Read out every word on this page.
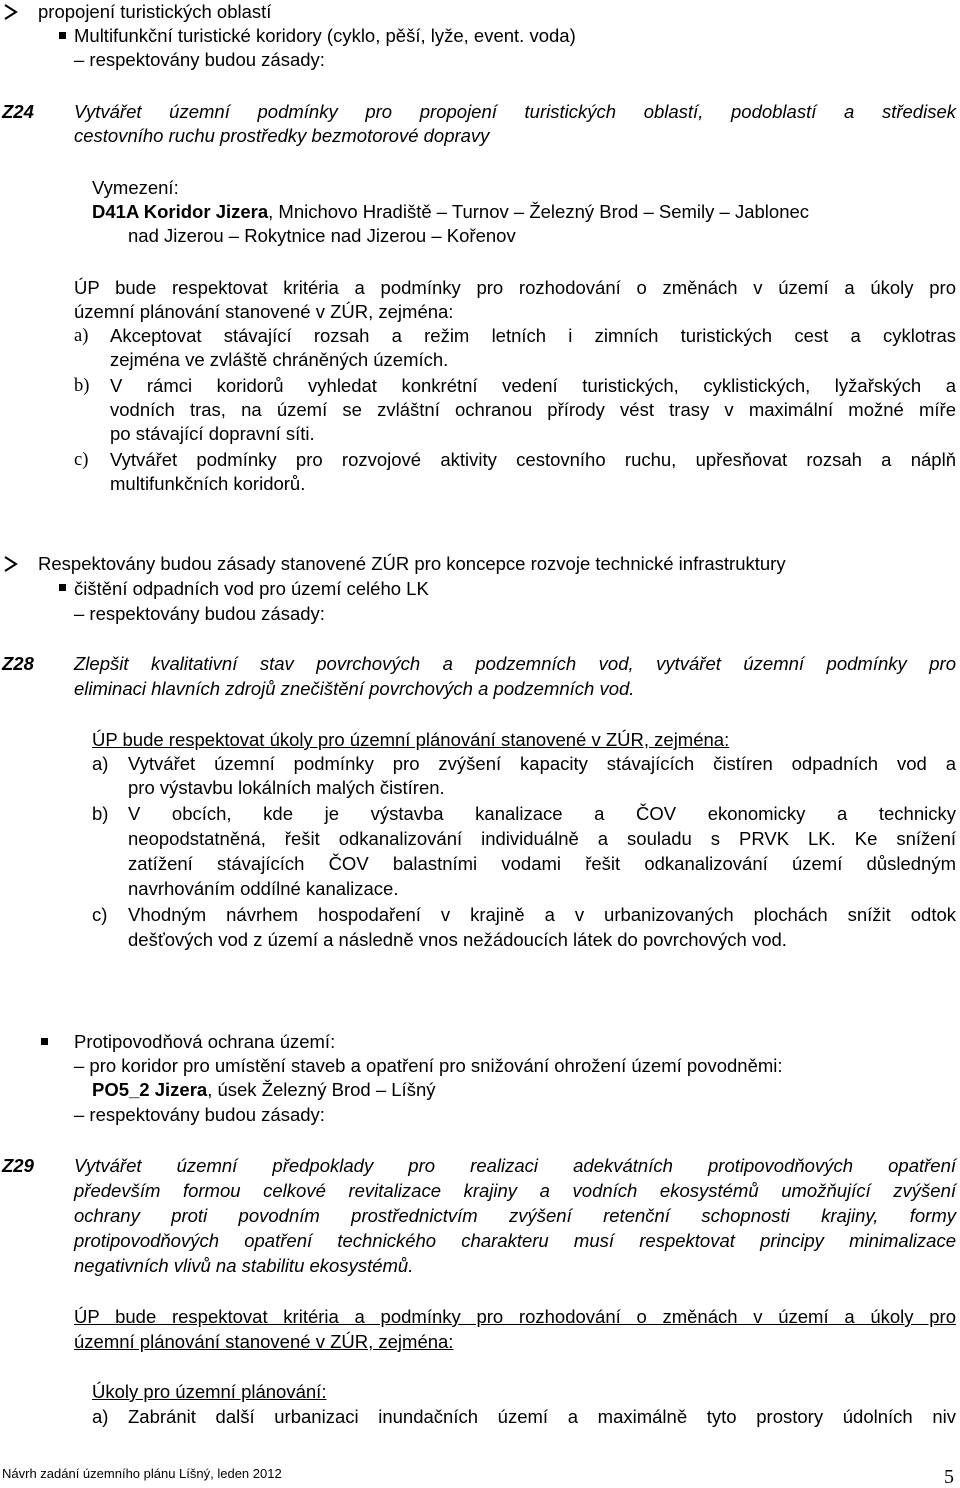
propojení turistických oblastí
Multifunkční turistické koridory (cyklo, pěší, lyže, event. voda)
– respektovány budou zásady:
Z24 Vytvářet územní podmínky pro propojení turistických oblastí, podoblastí a středisek
cestovního ruchu prostředky bezmotorové dopravy
Vymezení:
D41A Koridor Jizera, Mnichovo Hradiště – Turnov – Železný Brod – Semily – Jablonec
nad Jizerou – Rokytnice nad Jizerou – Kořenov
ÚP bude respektovat kritéria a podmínky pro rozhodování o změnách v území a úkoly pro
územní plánování stanovené v ZÚR, zejména:
a) Akceptovat stávající rozsah a režim letních i zimních turistických cest a cyklotras
zejména ve zvláště chráněných územích.
b) V rámci koridorů vyhledat konkrétní vedení turistických, cyklistických, lyžařských a
vodních tras, na území se zvláštní ochranou přírody vést trasy v maximální možné míře
po stávající dopravní síti.
c) Vytvářet podmínky pro rozvojové aktivity cestovního ruchu, upřesňovat rozsah a náplň
multifunkčních koridorů.
Respektovány budou zásady stanovené ZÚR pro koncepce rozvoje technické infrastruktury
čištění odpadních vod pro území celého LK
– respektovány budou zásady:
Z28 Zlepšit kvalitativní stav povrchových a podzemních vod, vytvářet územní podmínky pro
eliminaci hlavních zdrojů znečištění povrchových a podzemních vod.
ÚP bude respektovat úkoly pro územní plánování stanovené v ZÚR, zejména:
a) Vytvářet územní podmínky pro zvýšení kapacity stávajících čistíren odpadních vod a
pro výstavbu lokálních malých čistíren.
b) V obcích, kde je výstavba kanalizace a ČOV ekonomicky a technicky
neopodstatněná, řešit odkanalizování individuálně a souladu s PRVK LK. Ke snížení
zatížení stávajících ČOV balastními vodami řešit odkanalizování území důsledným
navrhováním oddílné kanalizace.
c) Vhodným návrhem hospodaření v krajině a v urbanizovaných plochách snížit odtok
dešťových vod z území a následně vnos nežádoucích látek do povrchových vod.
Protipovodňová ochrana území:
– pro koridor pro umístění staveb a opatření pro snižování ohrožení území povodněmi:
PO5_2 Jizera, úsek Železný Brod – Líšný
– respektovány budou zásady:
Z29 Vytvářet územní předpoklady pro realizaci adekvátních protipovodňových opatření
především formou celkové revitalizace krajiny a vodních ekosystémů umožňující zvýšení
ochrany proti povodním prostřednictvím zvýšení retenční schopnosti krajiny, formy
protipovodňových opatření technického charakteru musí respektovat principy minimalizace
negativních vlivů na stabilitu ekosystémů.
ÚP bude respektovat kritéria a podmínky pro rozhodování o změnách v území a úkoly pro
územní plánování stanovené v ZÚR, zejména:
Úkoly pro územní plánování:
a) Zabránit další urbanizaci inundačních území a maximálně tyto prostory údolních niv
Návrh zadání územního plánu Líšný, leden 2012	5
